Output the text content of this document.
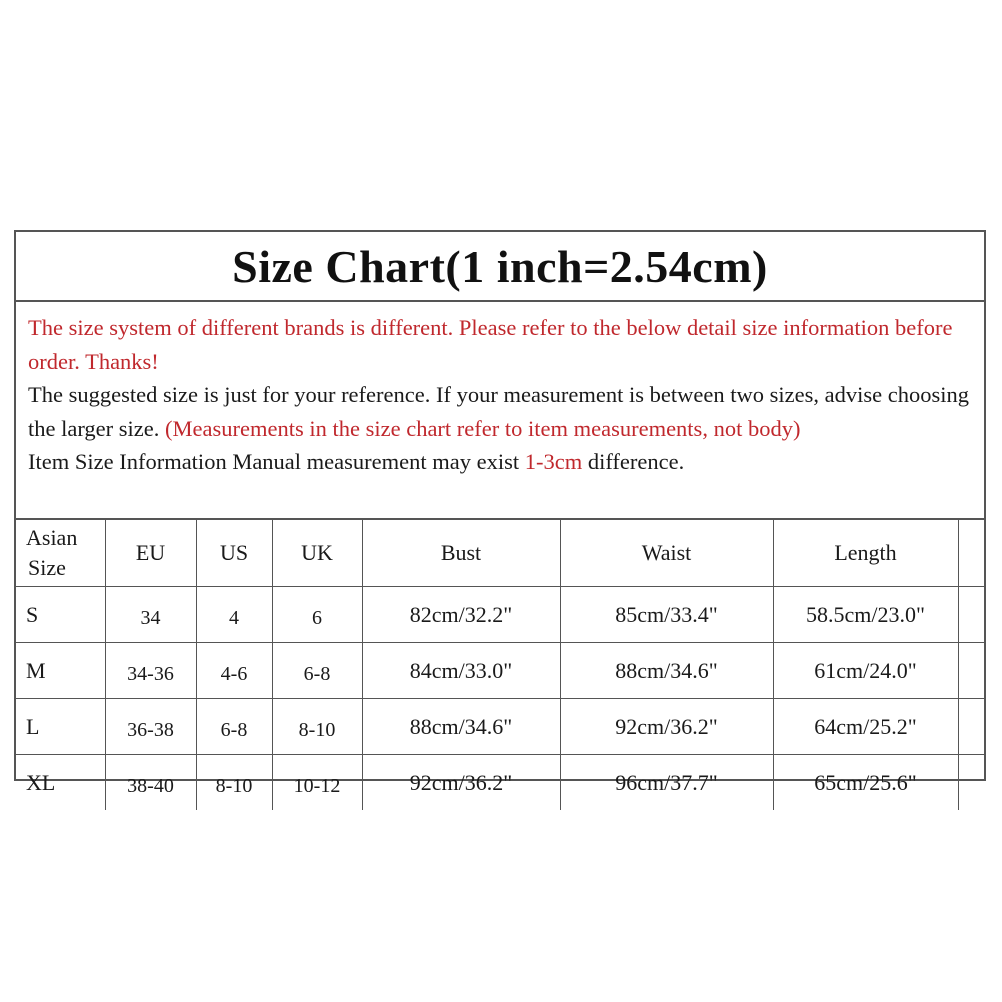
Size Chart(1 inch=2.54cm)

The size system of different brands is different. Please refer to the below detail size information before order. Thanks!

The suggested size is just for your reference. If your measurement is between two sizes, advise choosing the larger size. (Measurements in the size chart refer to item measurements, not body)

Item Size Information Manual measurement may exist 1-3cm difference.

Asian
Size	EU	US	UK	Bust	Waist	Length	
S	34	4	6	82cm/32.2"	85cm/33.4"	58.5cm/23.0"	
M	34-36	4-6	6-8	84cm/33.0"	88cm/34.6"	61cm/24.0"	
L	36-38	6-8	8-10	88cm/34.6"	92cm/36.2"	64cm/25.2"	
XL	38-40	8-10	10-12	92cm/36.2"	96cm/37.7"	65cm/25.6"	
